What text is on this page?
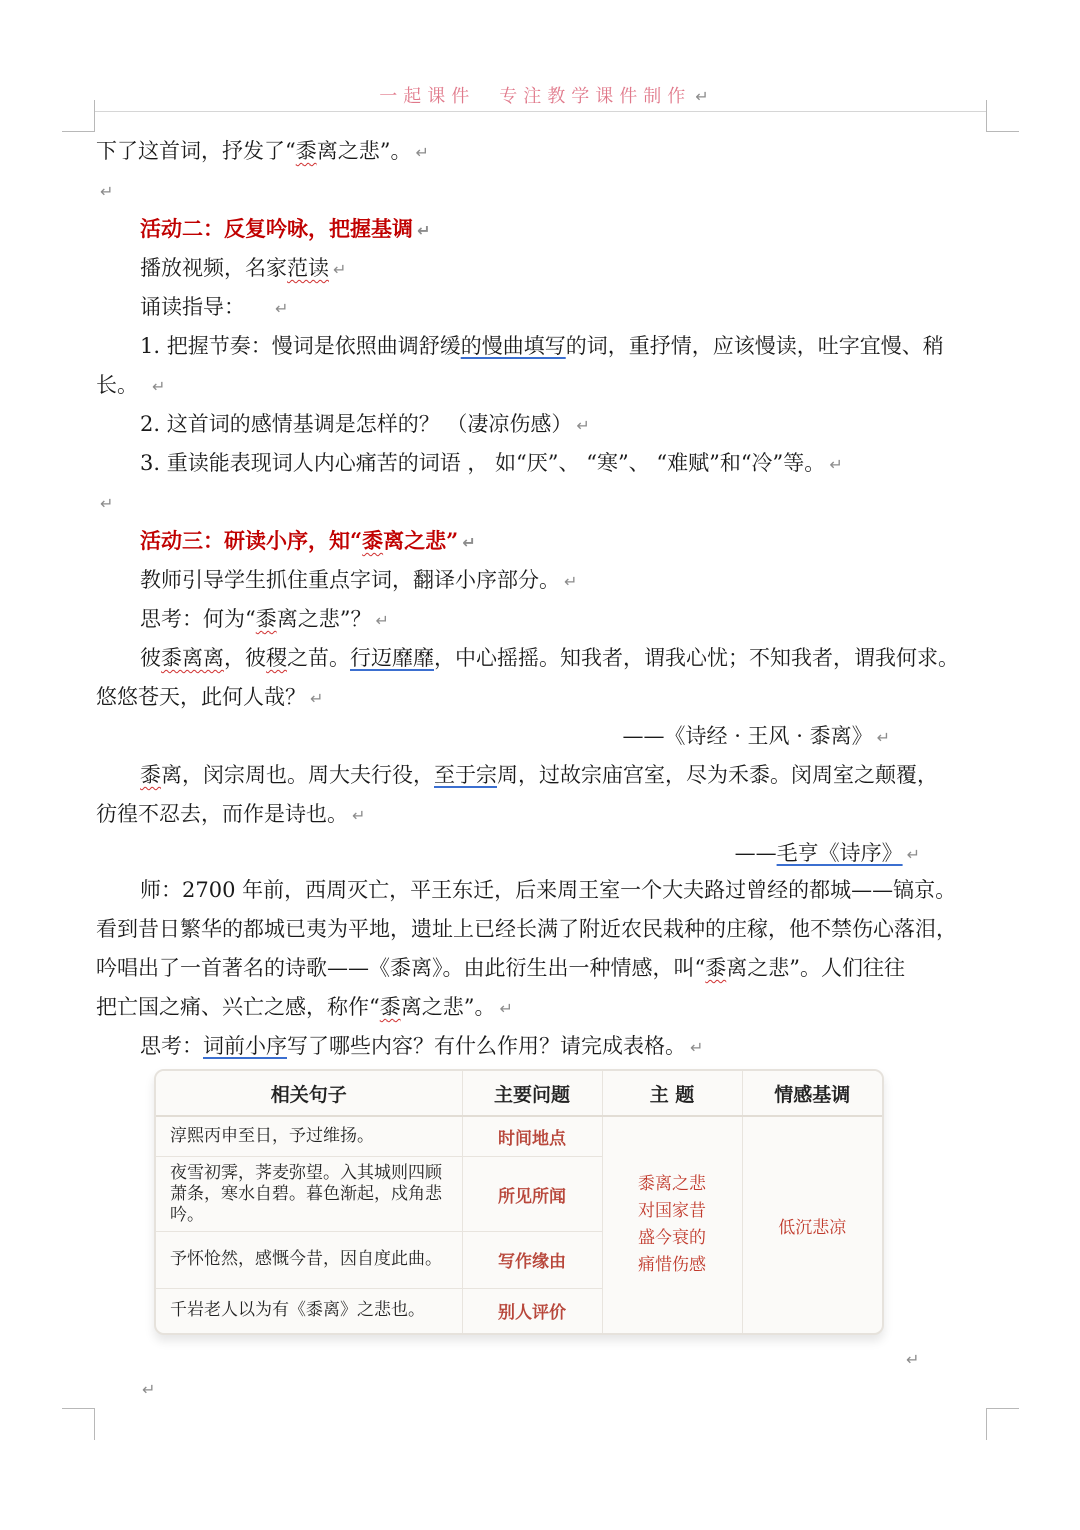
一起课件　专注教学课件制作 ↵
下了这首词，抒发了“黍离之悲”。 ↵
↵
活动二：反复吟咏，把握基调 ↵
播放视频，名家范读 ↵
诵读指导： ↵
1. 把握节奏：慢词是依照曲调舒缓的慢曲填写的词，重抒情，应该慢读，吐字宜慢、稍
长。 ↵
2. 这首词的感情基调是怎样的？ （凄凉伤感） ↵
3. 重读能表现词人内心痛苦的词语 ， 如“厌”、 “寒”、 “难赋”和“冷”等。 ↵
↵
活动三：研读小序，知“黍离之悲” ↵
教师引导学生抓住重点字词，翻译小序部分。 ↵
思考：何为“黍离之悲”？ ↵
彼黍离离，彼稷之苗。行迈靡靡，中心摇摇。知我者，谓我心忧；不知我者，谓我何求。
悠悠苍天，此何人哉？ ↵
——《诗经 · 王风 · 黍离》 ↵
黍离，闵宗周也。周大夫行役，至于宗周，过故宗庙宫室，尽为禾黍。闵周室之颠覆，
彷徨不忍去，而作是诗也。 ↵
——毛亨《诗序》 ↵
师：2700 年前，西周灭亡，平王东迁，后来周王室一个大夫路过曾经的都城——镐京。
看到昔日繁华的都城已夷为平地，遗址上已经长满了附近农民栽种的庄稼，他不禁伤心落泪，
吟唱出了一首著名的诗歌——《黍离》。由此衍生出一种情感，叫“黍离之悲”。人们往往
把亡国之痛、兴亡之感，称作“黍离之悲”。 ↵
思考：词前小序写了哪些内容？有什么作用？请完成表格。 ↵
相关句子	主要问题	主 题	情感基调
淳熙丙申至日，予过维扬。	时间地点	黍离之悲对国家昔盛今衰的痛惜伤感	低沉悲凉
夜雪初霁，荠麦弥望。入其城则四顾萧条，寒水自碧。暮色渐起，戍角悲吟。	所见所闻		
予怀怆然，感慨今昔，因自度此曲。	写作缘由		
千岩老人以为有《黍离》之悲也。	别人评价		
↵
↵
